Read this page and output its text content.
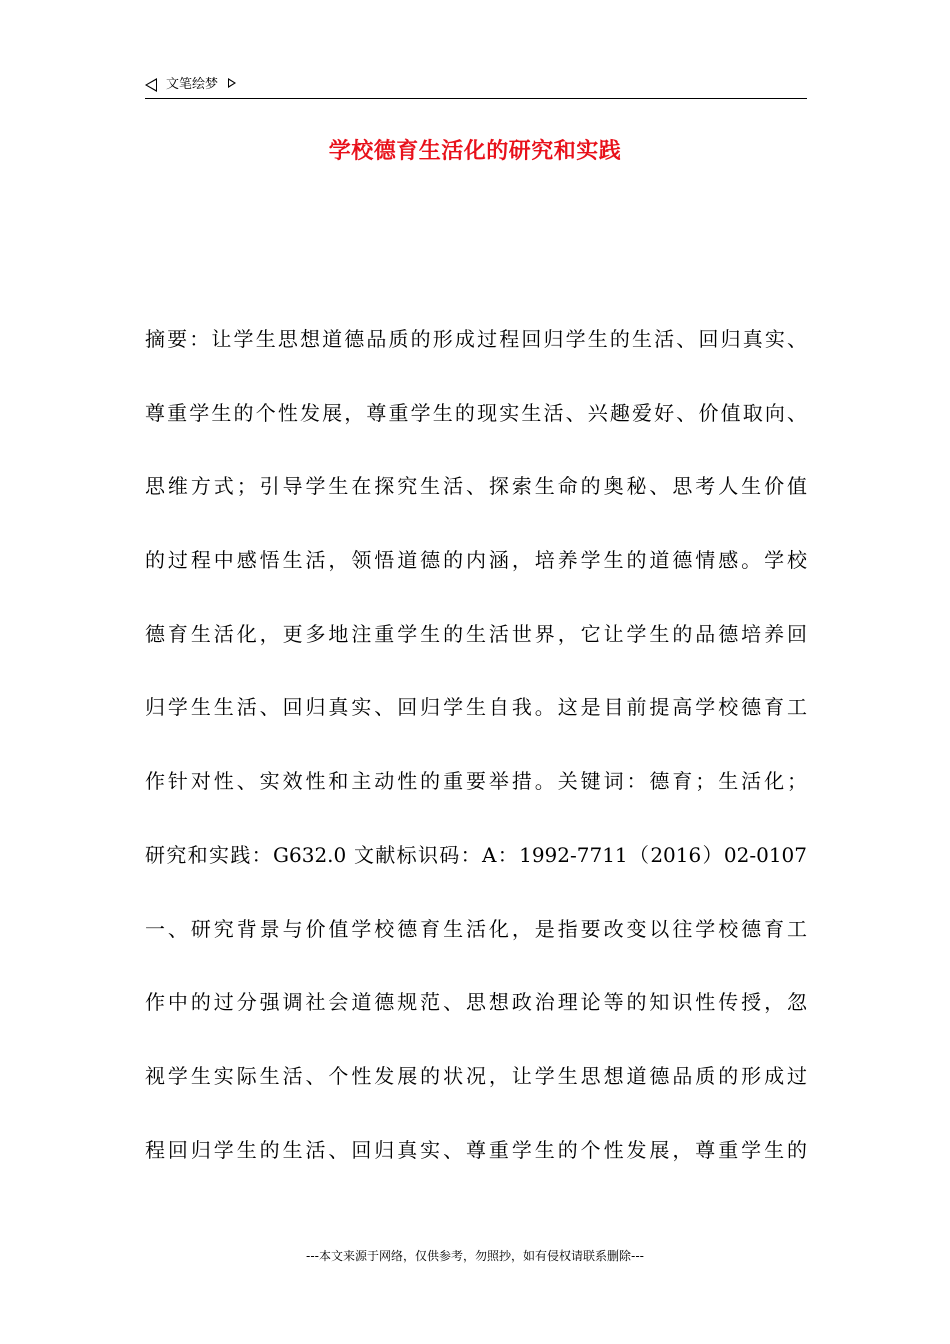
文笔绘梦
学校德育生活化的研究和实践
摘要：让学生思想道德品质的形成过程回归学生的生活、回归真实、
尊重学生的个性发展，尊重学生的现实生活、兴趣爱好、价值取向、
思维方式；引导学生在探究生活、探索生命的奥秘、思考人生价值
的过程中感悟生活，领悟道德的内涵，培养学生的道德情感。学校
德育生活化，更多地注重学生的生活世界，它让学生的品德培养回
归学生生活、回归真实、回归学生自我。这是目前提高学校德育工
作针对性、实效性和主动性的重要举措。关键词：德育；生活化；
研究和实践：G632.0 文献标识码：A：1992-7711（2016）02-0107
一、研究背景与价值学校德育生活化，是指要改变以往学校德育工
作中的过分强调社会道德规范、思想政治理论等的知识性传授，忽
视学生实际生活、个性发展的状况，让学生思想道德品质的形成过
程回归学生的生活、回归真实、尊重学生的个性发展，尊重学生的
---本文来源于网络，仅供参考，勿照抄，如有侵权请联系删除---
